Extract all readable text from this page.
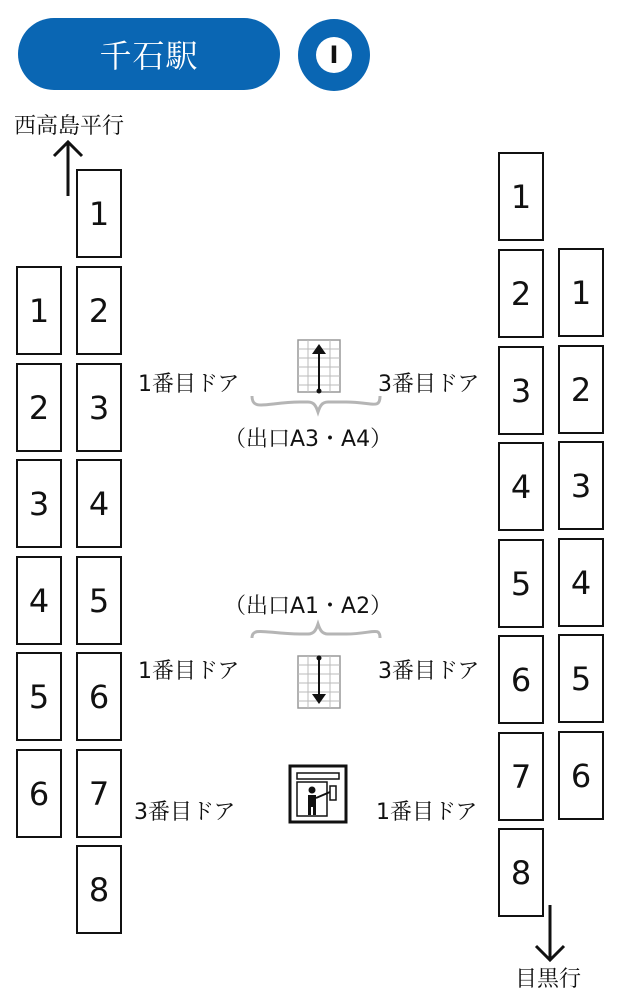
千石駅	I
西高島平行
目黒行
1
2
3
4
5
6
1
2
3
4
5
6
7
8
1
2
3
4
5
6
7
8
1
2
3
4
5
6
1番目ドア	3番目ドア
（出口A3・A4）
（出口A1・A2）
1番目ドア	3番目ドア
3番目ドア	1番目ドア
